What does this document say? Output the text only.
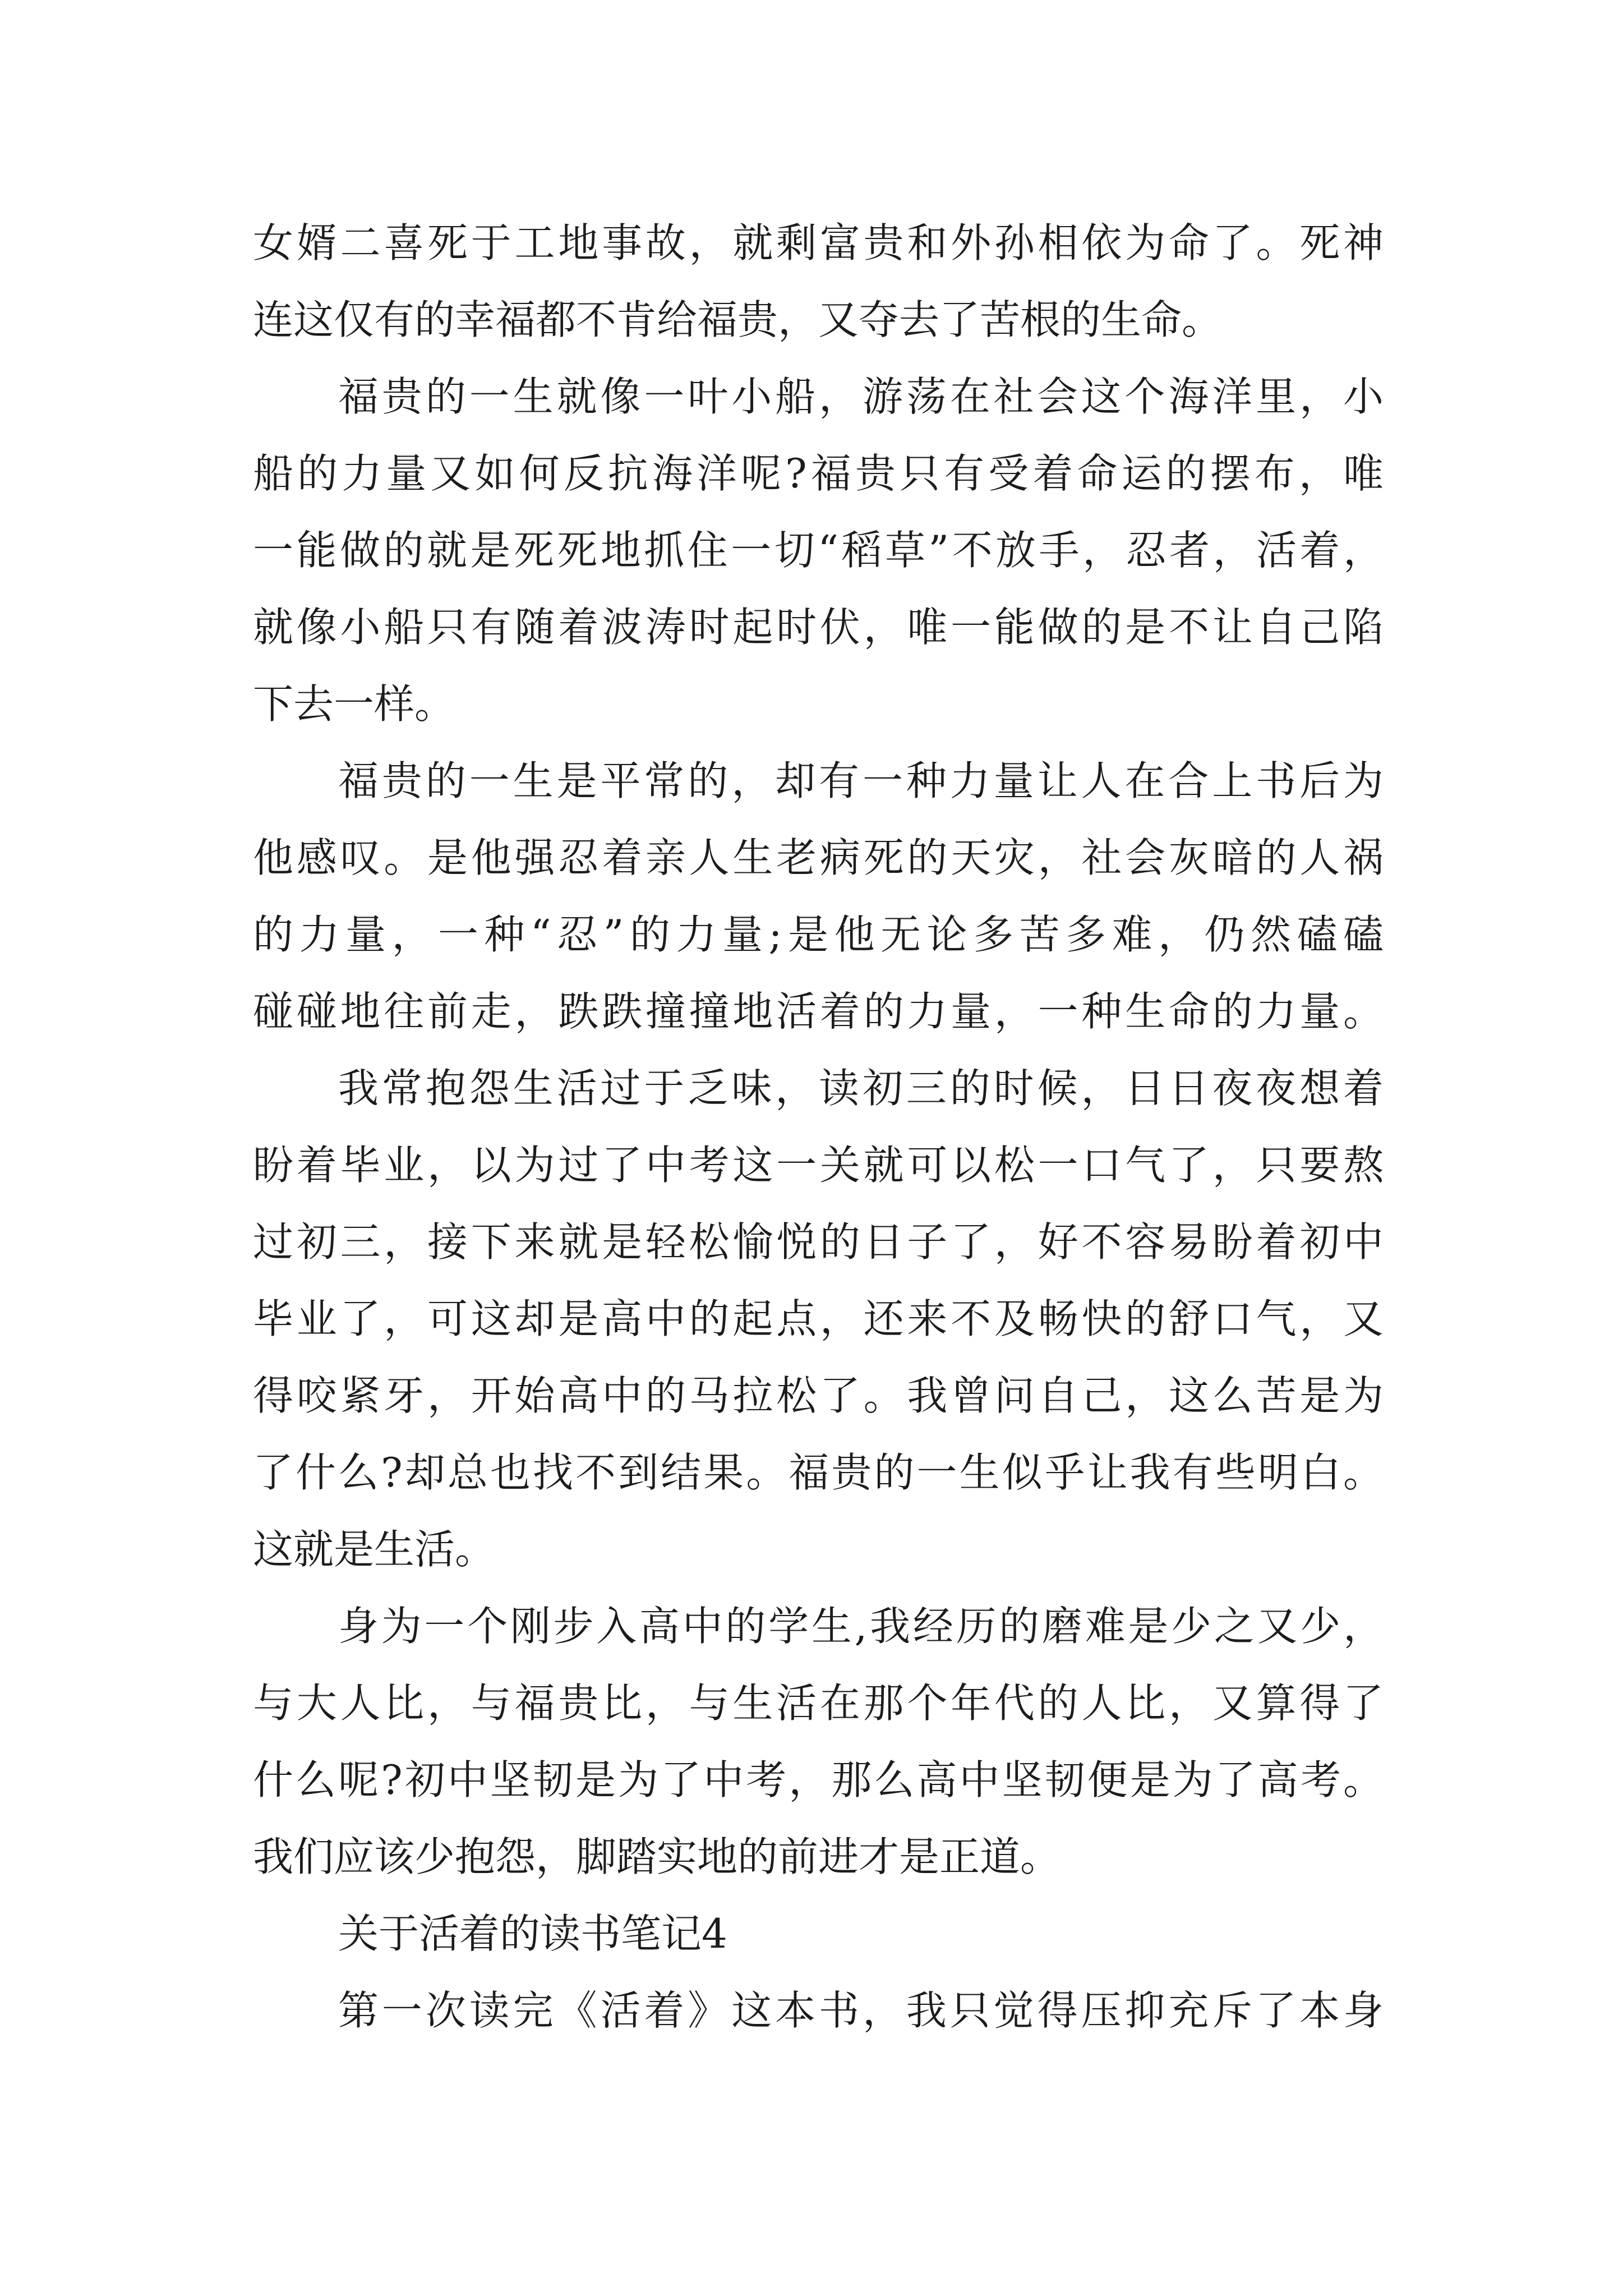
女婿二喜死于工地事故，就剩富贵和外孙相依为命了。死神
连这仅有的幸福都不肯给福贵，又夺去了苦根的生命。
福贵的一生就像一叶小船，游荡在社会这个海洋里，小
船的力量又如何反抗海洋呢?福贵只有受着命运的摆布，唯
一能做的就是死死地抓住一切“稻草”不放手，忍者，活着，
就像小船只有随着波涛时起时伏，唯一能做的是不让自己陷
下去一样。
福贵的一生是平常的，却有一种力量让人在合上书后为
他感叹。是他强忍着亲人生老病死的天灾，社会灰暗的人祸
的力量，一种“忍”的力量;是他无论多苦多难，仍然磕磕
碰碰地往前走，跌跌撞撞地活着的力量，一种生命的力量。
我常抱怨生活过于乏味，读初三的时候，日日夜夜想着
盼着毕业，以为过了中考这一关就可以松一口气了，只要熬
过初三，接下来就是轻松愉悦的日子了，好不容易盼着初中
毕业了，可这却是高中的起点，还来不及畅快的舒口气，又
得咬紧牙，开始高中的马拉松了。我曾问自己，这么苦是为
了什么?却总也找不到结果。福贵的一生似乎让我有些明白。
这就是生活。
身为一个刚步入高中的学生,我经历的磨难是少之又少，
与大人比，与福贵比，与生活在那个年代的人比，又算得了
什么呢?初中坚韧是为了中考，那么高中坚韧便是为了高考。
我们应该少抱怨，脚踏实地的前进才是正道。
关于活着的读书笔记4
第一次读完《活着》这本书，我只觉得压抑充斥了本身
